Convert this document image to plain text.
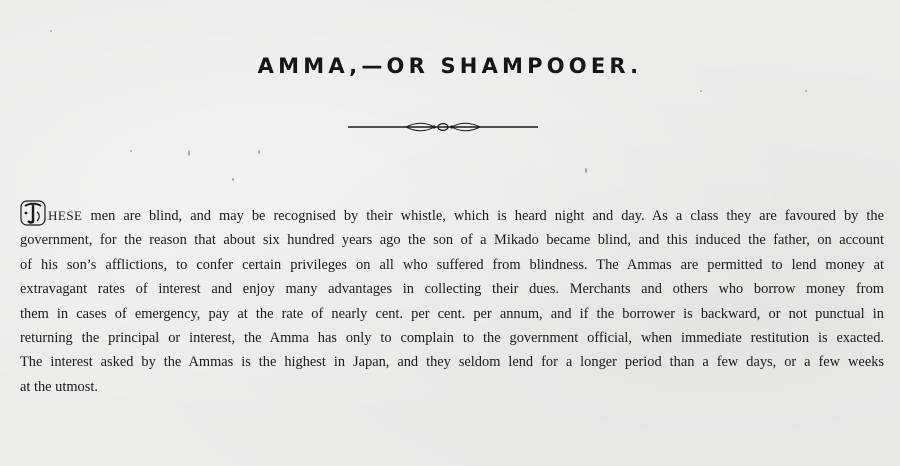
AMMA,—OR SHAMPOOER.
HESE men are blind, and may be recognised by their whistle, which is heard night and day. As a class they are favoured by the
government, for the reason that about six hundred years ago the son of a Mikado became blind, and this induced the father, on account
of his son’s afflictions, to confer certain privileges on all who suffered from blindness. The Ammas are permitted to lend money at
extravagant rates of interest and enjoy many advantages in collecting their dues. Merchants and others who borrow money from
them in cases of emergency, pay at the rate of nearly cent. per cent. per annum, and if the borrower is backward, or not punctual in
returning the principal or interest, the Amma has only to complain to the government official, when immediate restitution is exacted.
The interest asked by the Ammas is the highest in Japan, and they seldom lend for a longer period than a few days, or a few weeks
at the utmost.
